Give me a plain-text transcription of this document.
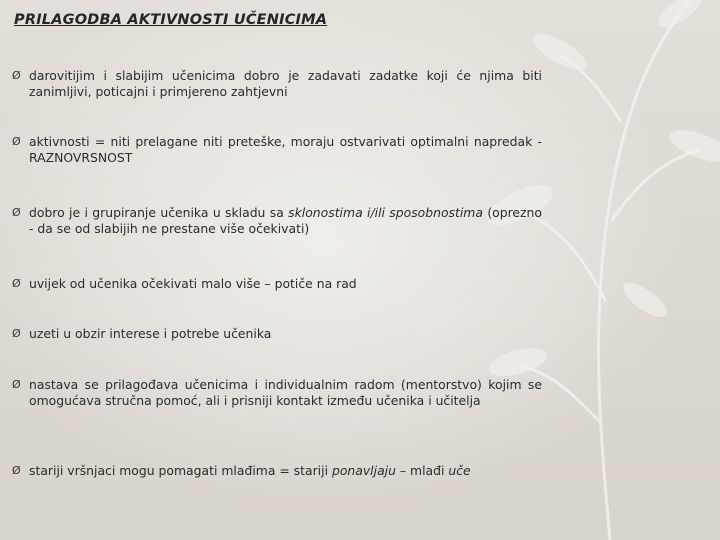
PRILAGODBA AKTIVNOSTI UČENICIMA
Ø darovitijim i slabijim učenicima dobro je zadavati zadatke koji će njima biti zanimljivi, poticajni i primjereno zahtjevni
Ø aktivnosti = niti prelagane niti preteške, moraju ostvarivati optimalni napredak - RAZNOVRSNOST
Ø dobro je i grupiranje učenika u skladu sa sklonostima i/ili sposobnostima (oprezno - da se od slabijih ne prestane više očekivati)
Ø uvijek od učenika očekivati malo više – potiče na rad
Ø uzeti u obzir interese i potrebe učenika
Ø nastava se prilagođava učenicima i individualnim radom (mentorstvo) kojim se omogućava stručna pomoć, ali i prisniji kontakt između učenika i učitelja
Ø stariji vršnjaci mogu pomagati mlađima = stariji ponavljaju – mlađi uče
